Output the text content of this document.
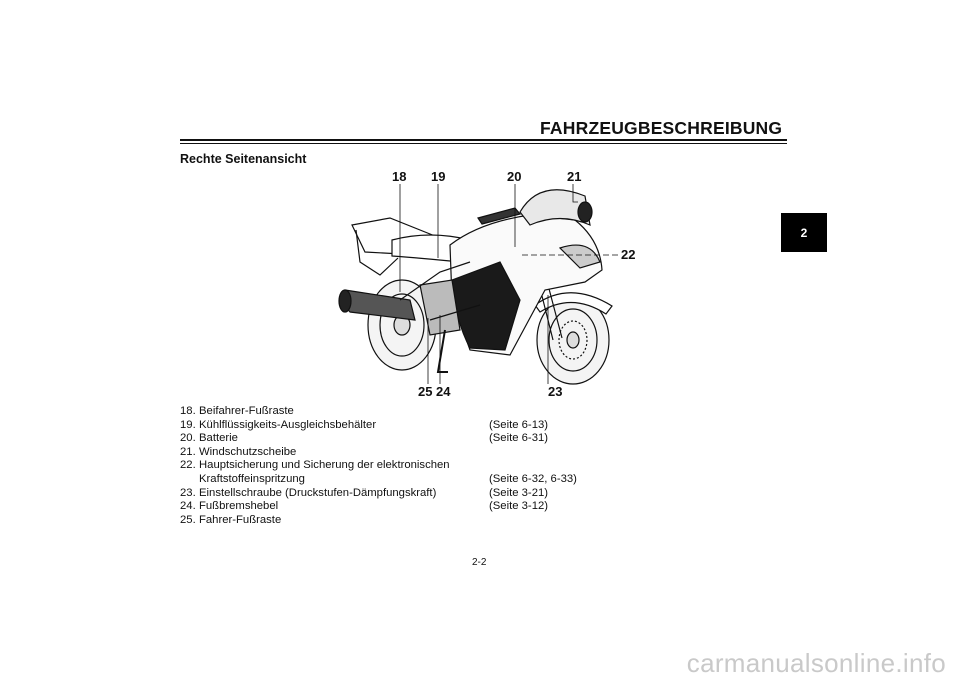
FAHRZEUGBESCHREIBUNG
Rechte Seitenansicht
2
18 19	20	21
22
23
24
25
18. Beifahrer-Fußraste
19. Kühlflüssigkeits-Ausgleichsbehälter	(Seite 6-13)
20. Batterie	(Seite 6-31)
21. Windschutzscheibe
22. Hauptsicherung und Sicherung der elektronischen
Kraftstoffeinspritzung	(Seite 6-32, 6-33)
23. Einstellschraube (Druckstufen-Dämpfungskraft)	(Seite 3-21)
24. Fußbremshebel	(Seite 3-12)
25. Fahrer-Fußraste
2-2
carmanualsonline.info
